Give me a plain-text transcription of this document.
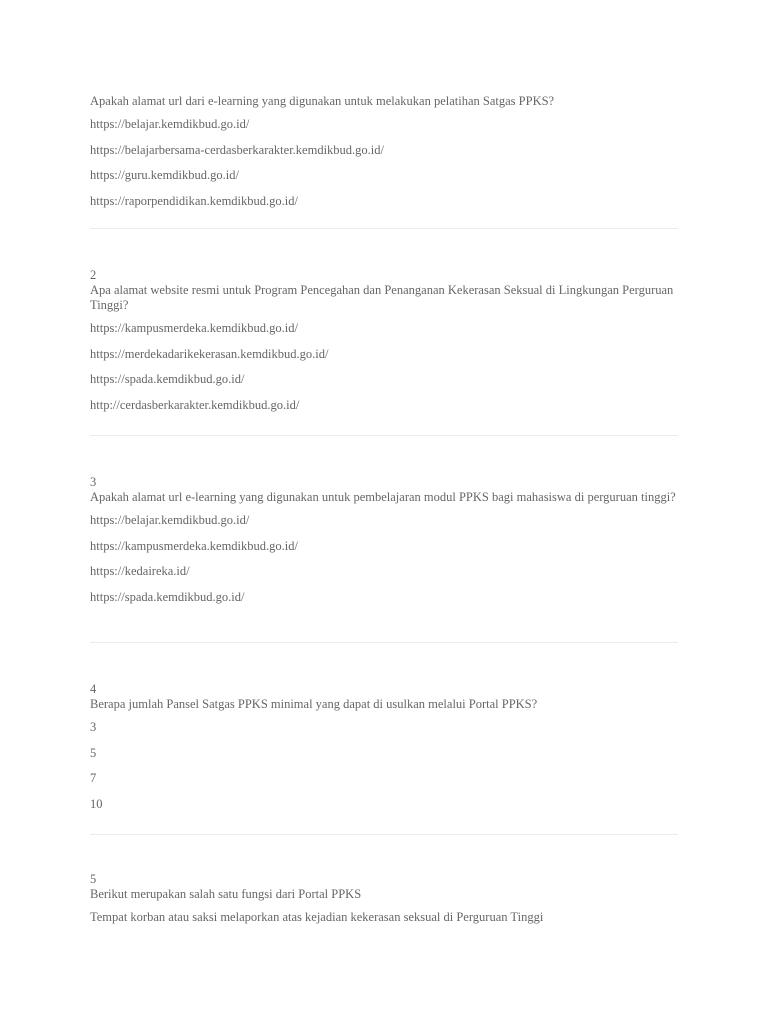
Apakah alamat url dari e-learning yang digunakan untuk melakukan pelatihan Satgas PPKS?
https://belajar.kemdikbud.go.id/
https://belajarbersama-cerdasberkarakter.kemdikbud.go.id/
https://guru.kemdikbud.go.id/
https://raporpendidikan.kemdikbud.go.id/
2
Apa alamat website resmi untuk Program Pencegahan dan Penanganan Kekerasan Seksual di Lingkungan Perguruan Tinggi?
https://kampusmerdeka.kemdikbud.go.id/
https://merdekadarikekerasan.kemdikbud.go.id/
https://spada.kemdikbud.go.id/
http://cerdasberkarakter.kemdikbud.go.id/
3
Apakah alamat url e-learning yang digunakan untuk pembelajaran modul PPKS bagi mahasiswa di perguruan tinggi?
https://belajar.kemdikbud.go.id/
https://kampusmerdeka.kemdikbud.go.id/
https://kedaireka.id/
https://spada.kemdikbud.go.id/
4
Berapa jumlah Pansel Satgas PPKS minimal yang dapat di usulkan melalui Portal PPKS?
3
5
7
10
5
Berikut merupakan salah satu fungsi dari Portal PPKS
Tempat korban atau saksi melaporkan atas kejadian kekerasan seksual di Perguruan Tinggi
